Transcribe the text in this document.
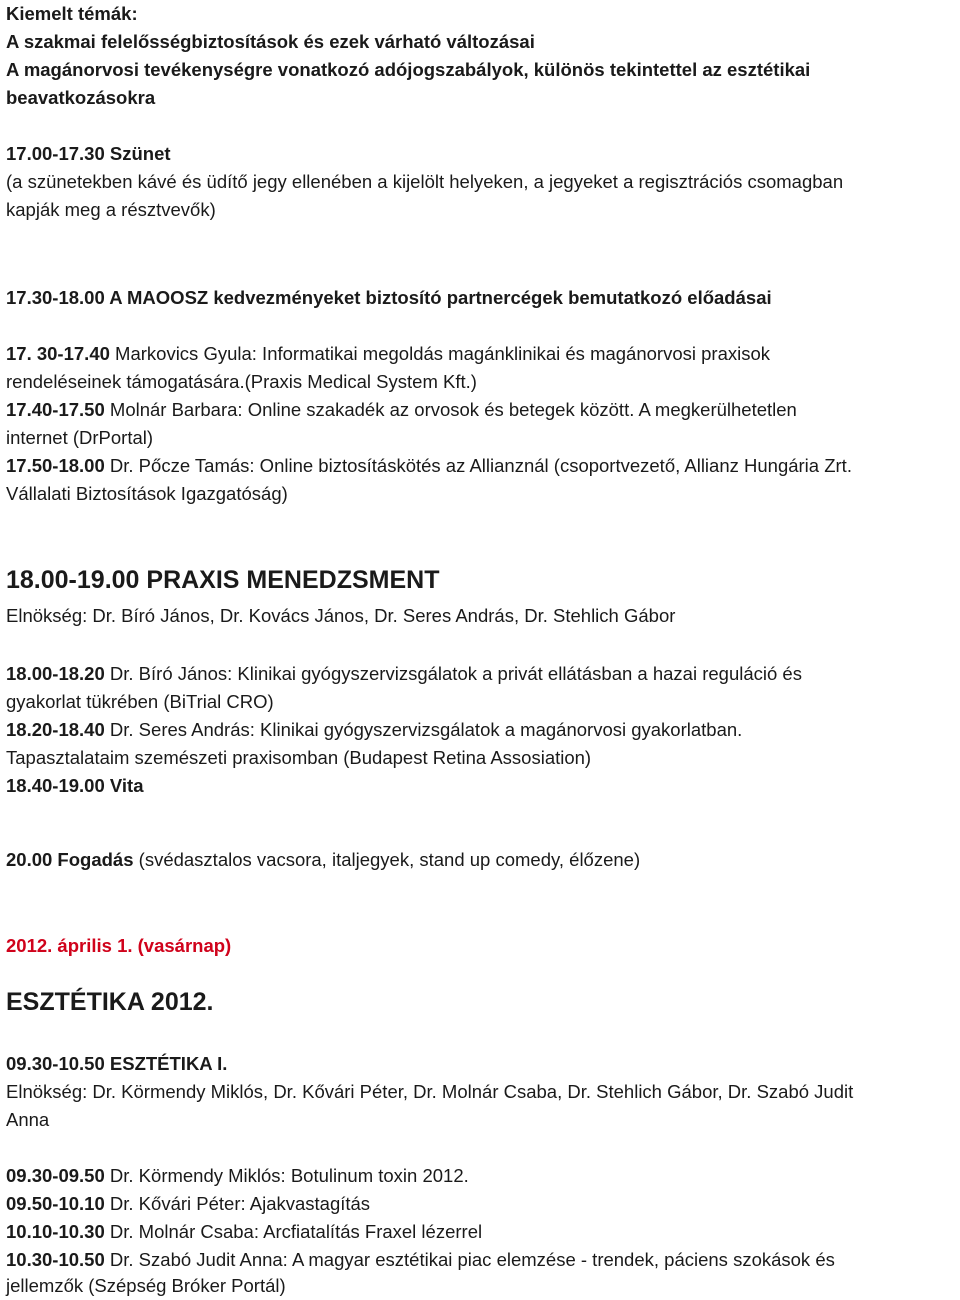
Kiemelt témák:
A szakmai felelősségbiztosítások és ezek várható változásai
A magánorvosi tevékenységre vonatkozó adójogszabályok, különös tekintettel az esztétikai
beavatkozásokra
17.00-17.30 Szünet
(a szünetekben kávé és üdítő jegy ellenében a kijelölt helyeken, a jegyeket a regisztrációs csomagban
kapják meg a résztvevők)
17.30-18.00 A MAOOSZ kedvezményeket biztosító partnercégek bemutatkozó előadásai
17. 30-17.40 Markovics Gyula: Informatikai megoldás magánklinikai és magánorvosi praxisok
rendeléseinek támogatására.(Praxis Medical System Kft.)
17.40-17.50 Molnár Barbara: Online szakadék az orvosok és betegek között. A megkerülhetetlen
internet (DrPortal)
17.50-18.00 Dr. Pőcze Tamás: Online biztosításkötés az Allianznál (csoportvezető, Allianz Hungária Zrt.
Vállalati Biztosítások Igazgatóság)
18.00-19.00 PRAXIS MENEDZSMENT
Elnökség: Dr. Bíró János, Dr. Kovács János, Dr. Seres András, Dr. Stehlich Gábor
18.00-18.20 Dr. Bíró János: Klinikai gyógyszervizsgálatok a privát ellátásban a hazai reguláció és
gyakorlat tükrében (BiTrial CRO)
18.20-18.40 Dr. Seres András: Klinikai gyógyszervizsgálatok a magánorvosi gyakorlatban.
Tapasztalataim szemészeti praxisomban (Budapest Retina Assosiation)
18.40-19.00 Vita
20.00 Fogadás (svédasztalos vacsora, italjegyek, stand up comedy, élőzene)
2012. április 1. (vasárnap)
ESZTÉTIKA 2012.
09.30-10.50 ESZTÉTIKA I.
Elnökség: Dr. Körmendy Miklós, Dr. Kővári Péter, Dr. Molnár Csaba, Dr. Stehlich Gábor, Dr. Szabó Judit
Anna
09.30-09.50 Dr. Körmendy Miklós: Botulinum toxin 2012.
09.50-10.10 Dr. Kővári Péter: Ajakvastagítás
10.10-10.30 Dr. Molnár Csaba: Arcfiatalítás Fraxel lézerrel
10.30-10.50 Dr. Szabó Judit Anna: A magyar esztétikai piac elemzése - trendek, páciens szokások és
jellemzők (Szépség Bróker Portál)
